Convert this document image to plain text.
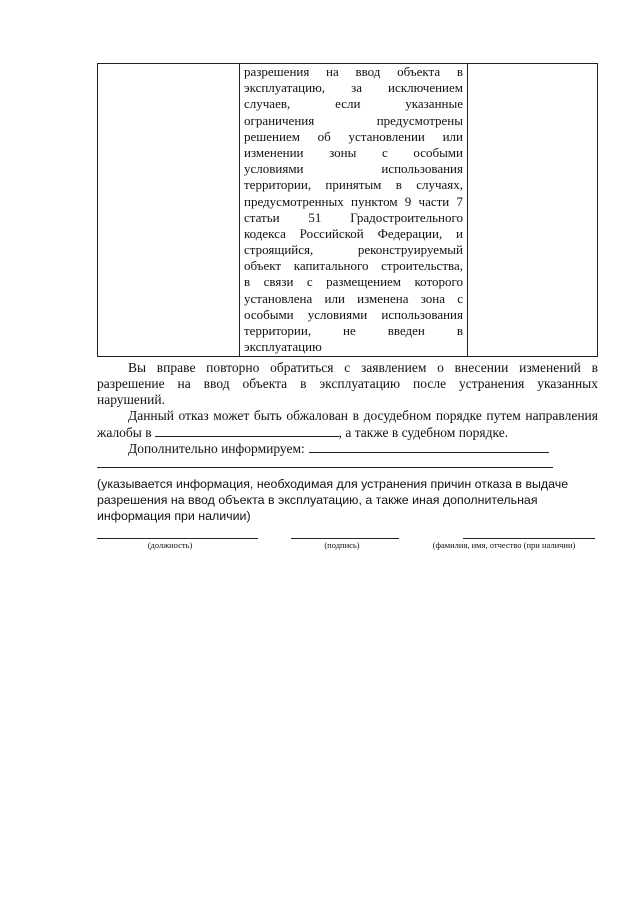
разрешения на ввод объекта в
эксплуатацию, за исключением
случаев, если указанные
ограничения предусмотрены
решением об установлении или
изменении зоны с особыми
условиями использования
территории, принятым в случаях,
предусмотренных пунктом 9 части 7
статьи 51 Градостроительного
кодекса Российской Федерации, и
строящийся, реконструируемый
объект капитального строительства,
в связи с размещением которого
установлена или изменена зона с
особыми условиями использования
территории, не введен в
эксплуатацию
Вы вправе повторно обратиться с заявлением о внесении изменений в
разрешение на ввод объекта в эксплуатацию после устранения указанных
нарушений.
Данный отказ может быть обжалован в досудебном порядке путем направления
жалобы в	, а также в судебном порядке.
Дополнительно информируем:
(указывается информация, необходимая для устранения причин отказа в выдаче
разрешения на ввод объекта в эксплуатацию, а также иная дополнительная
информация при наличии)
(должность)	(подпись)	(фамилия, имя, отчество (при наличии)
